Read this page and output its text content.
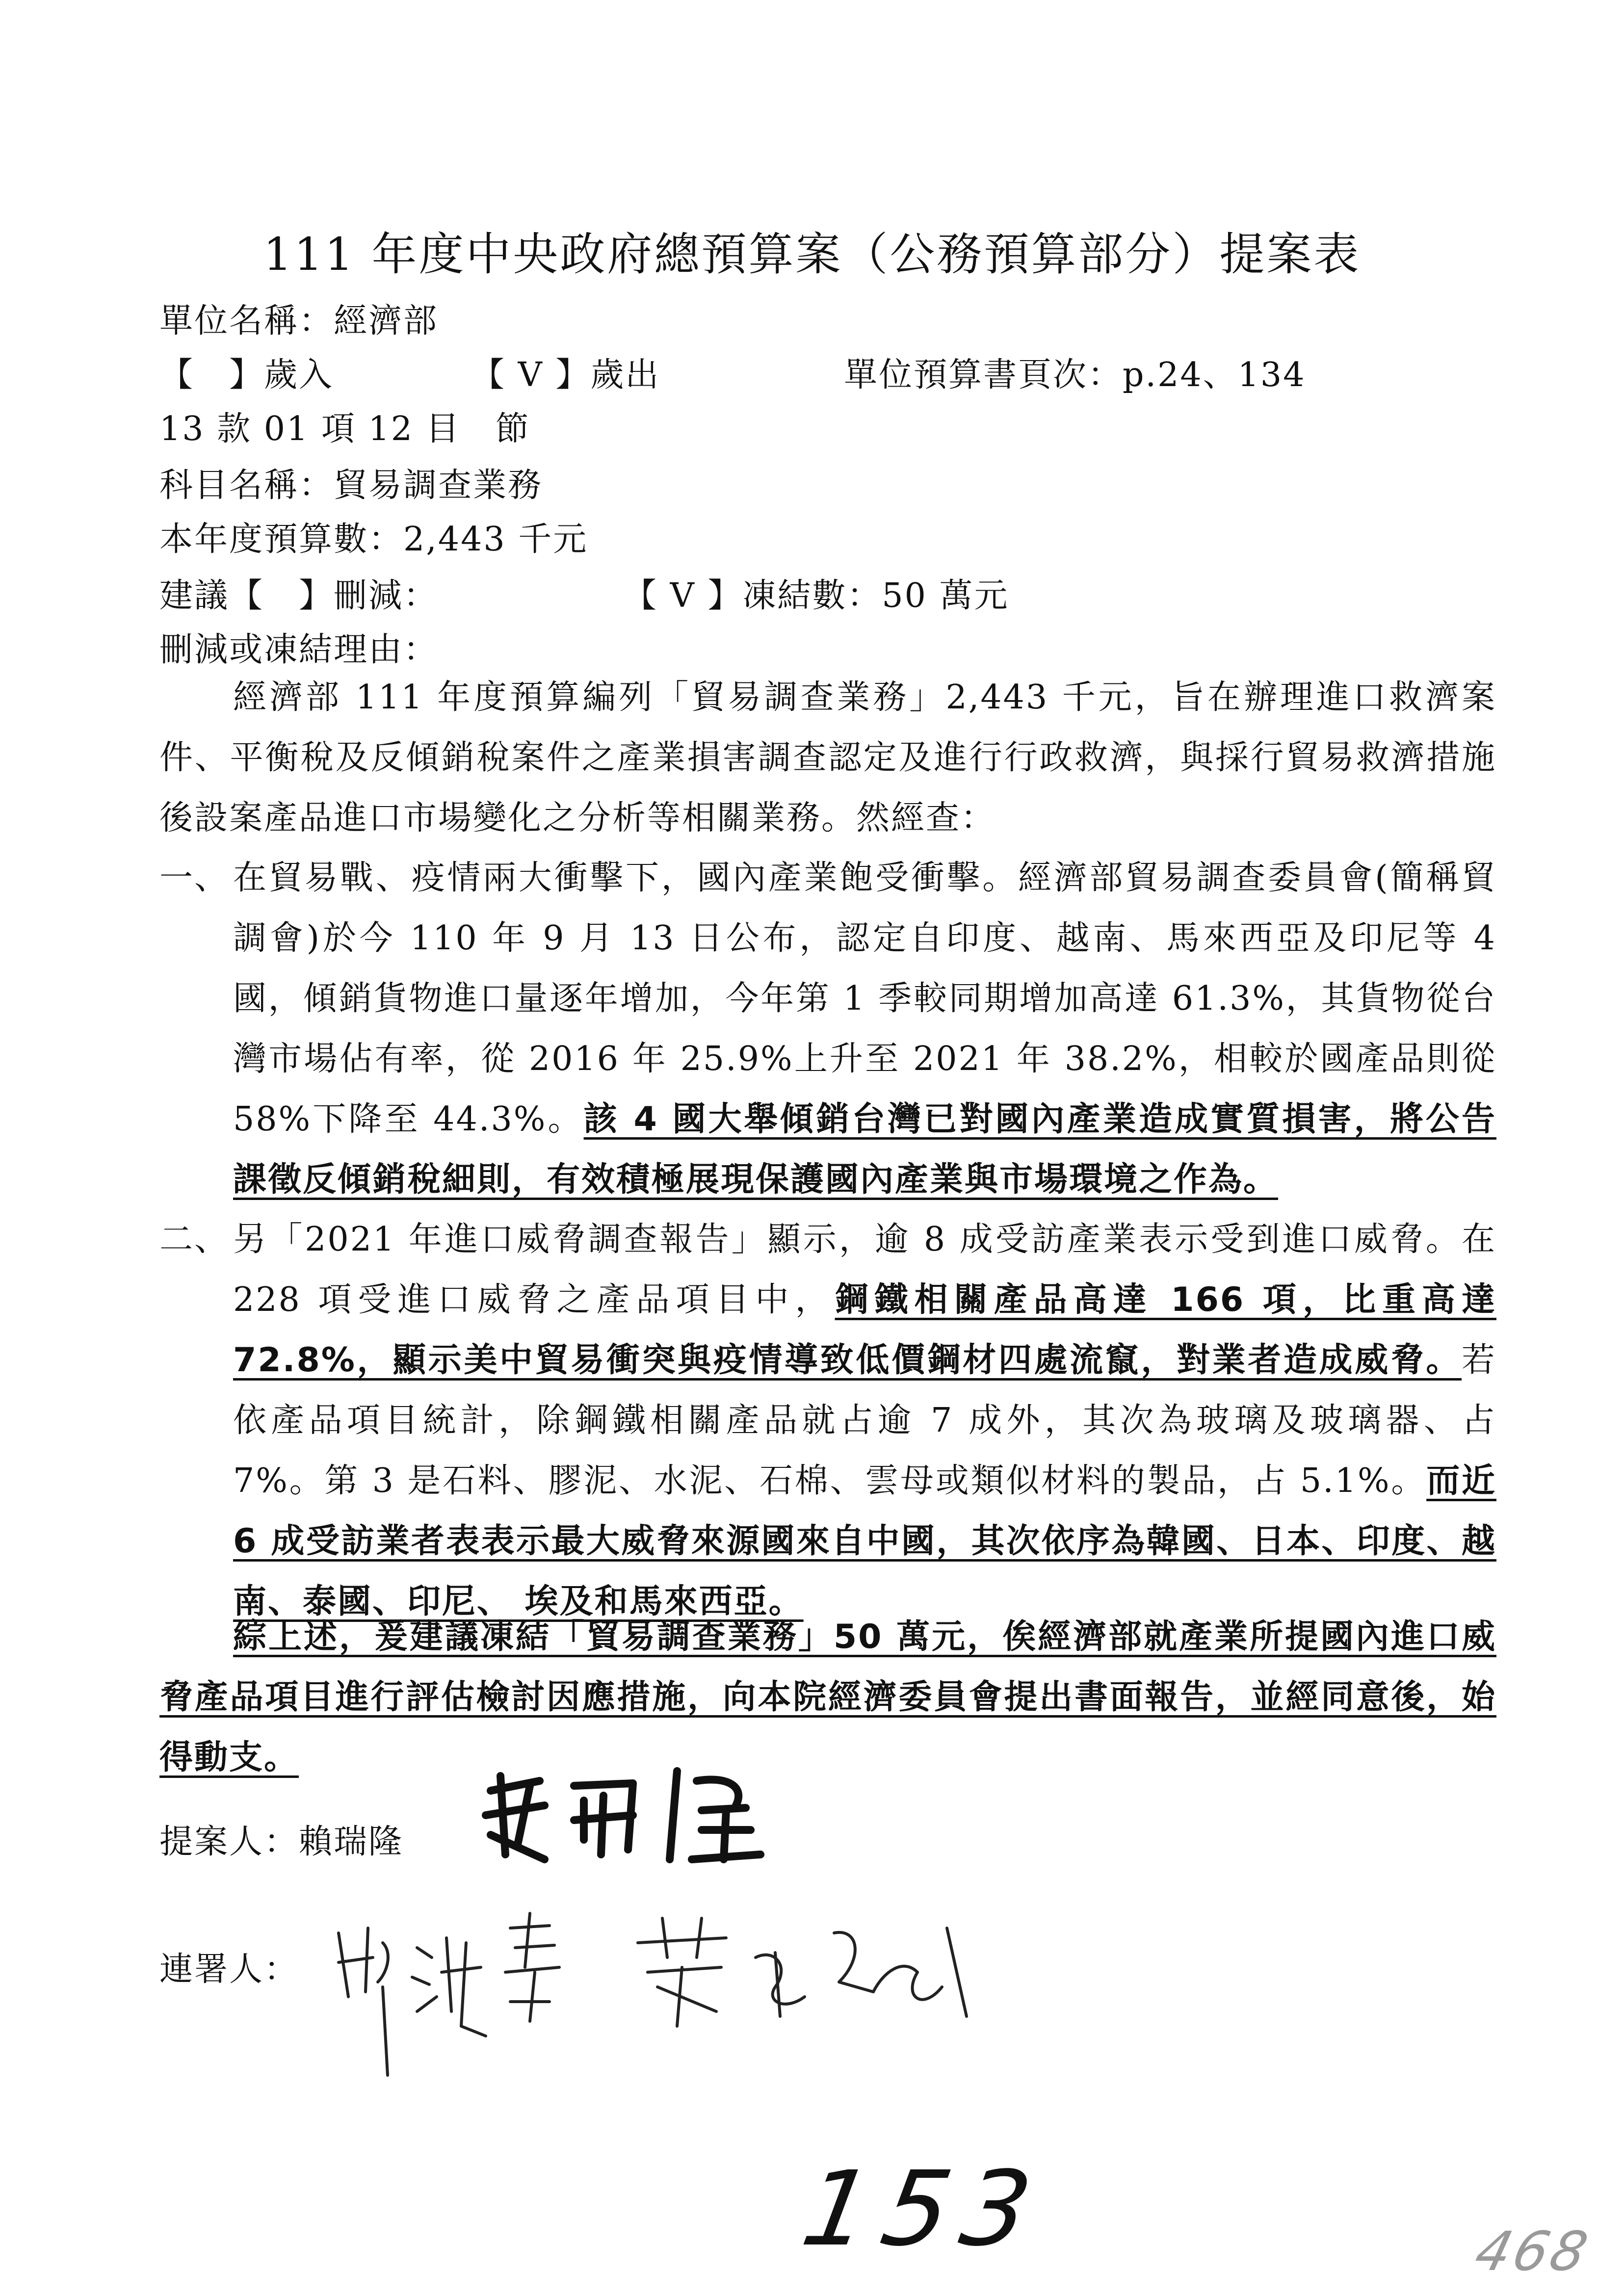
111 年度中央政府總預算案（公務預算部分）提案表
單位名稱：經濟部
【　】歲入	【 V 】歲出	單位預算書頁次：p.24、134
13 款 01 項 12 目　節
科目名稱：貿易調查業務
本年度預算數：2,443 千元
建議【　】刪減：	【 V 】凍結數：50 萬元
刪減或凍結理由：
經濟部 111 年度預算編列「貿易調查業務」2,443 千元，旨在辦理進口救濟案件、平衡稅及反傾銷稅案件之產業損害調查認定及進行行政救濟，與採行貿易救濟措施後設案產品進口市場變化之分析等相關業務。然經查：
一、 在貿易戰、疫情兩大衝擊下，國內產業飽受衝擊。經濟部貿易調查委員會(簡稱貿調會)於今 110 年 9 月 13 日公布，認定自印度、越南、馬來西亞及印尼等 4 國，傾銷貨物進口量逐年增加，今年第 1 季較同期增加高達 61.3%，其貨物從台灣市場佔有率，從 2016 年 25.9%上升至 2021 年 38.2%，相較於國產品則從 58%下降至 44.3%。該 4 國大舉傾銷台灣已對國內產業造成實質損害，將公告課徵反傾銷稅細則，有效積極展現保護國內產業與市場環境之作為。
二、 另「2021 年進口威脅調查報告」顯示，逾 8 成受訪產業表示受到進口威脅。在 228 項受進口威脅之產品項目中，鋼鐵相關產品高達 166 項，比重高達 72.8%，顯示美中貿易衝突與疫情導致低價鋼材四處流竄，對業者造成威脅。若依產品項目統計，除鋼鐵相關產品就占逾 7 成外，其次為玻璃及玻璃器、占 7%。第 3 是石料、膠泥、水泥、石棉、雲母或類似材料的製品，占 5.1%。而近 6 成受訪業者表表示最大威脅來源國來自中國，其次依序為韓國、日本、印度、越南、泰國、印尼、 埃及和馬來西亞。
綜上述，爰建議凍結「貿易調查業務」50 萬元，俟經濟部就產業所提國內進口威脅產品項目進行評估檢討因應措施，向本院經濟委員會提出書面報告，並經同意後，始得動支。
提案人：賴瑞隆
連署人：
153	468
